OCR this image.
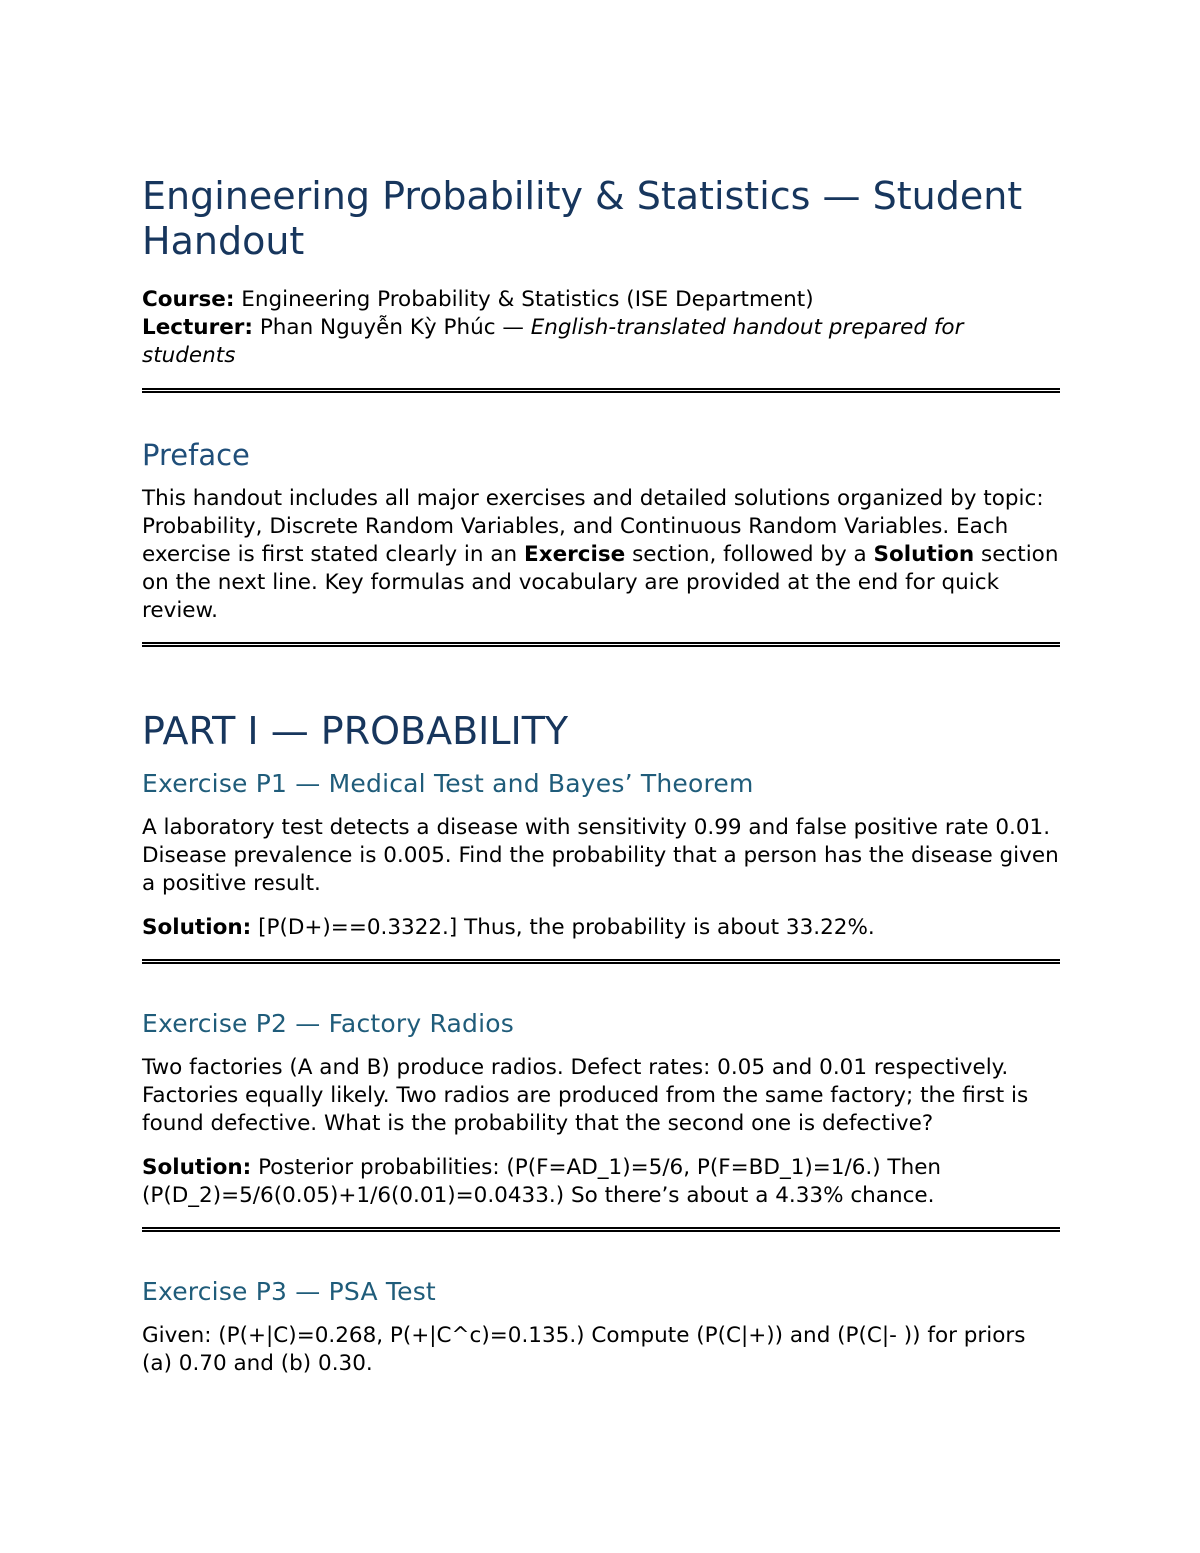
Engineering Probability & Statistics — Student Handout

Course: Engineering Probability & Statistics (ISE Department)

Lecturer: Phan Nguyễn Kỳ Phúc — English-translated handout prepared for students

Preface

This handout includes all major exercises and detailed solutions organized by topic: Probability, Discrete Random Variables, and Continuous Random Variables. Each exercise is first stated clearly in an Exercise section, followed by a Solution section on the next line. Key formulas and vocabulary are provided at the end for quick review.

PART I — PROBABILITY
Exercise P1 — Medical Test and Bayes’ Theorem

A laboratory test detects a disease with sensitivity 0.99 and false positive rate 0.01. Disease prevalence is 0.005. Find the probability that a person has the disease given a positive result.

Solution: [P(D+)==0.3322.] Thus, the probability is about 33.22%.

Exercise P2 — Factory Radios

Two factories (A and B) produce radios. Defect rates: 0.05 and 0.01 respectively. Factories equally likely. Two radios are produced from the same factory; the first is found defective. What is the probability that the second one is defective?

Solution: Posterior probabilities: (P(F=AD_1)=5/6, P(F=BD_1)=1/6.) Then (P(D_2)=5/6(0.05)+1/6(0.01)=0.0433.) So there’s about a 4.33% chance.

Exercise P3 — PSA Test

Given: (P(+|C)=0.268, P(+|C^c)=0.135.) Compute (P(C|+)) and (P(C|- )) for priors (a) 0.70 and (b) 0.30.
